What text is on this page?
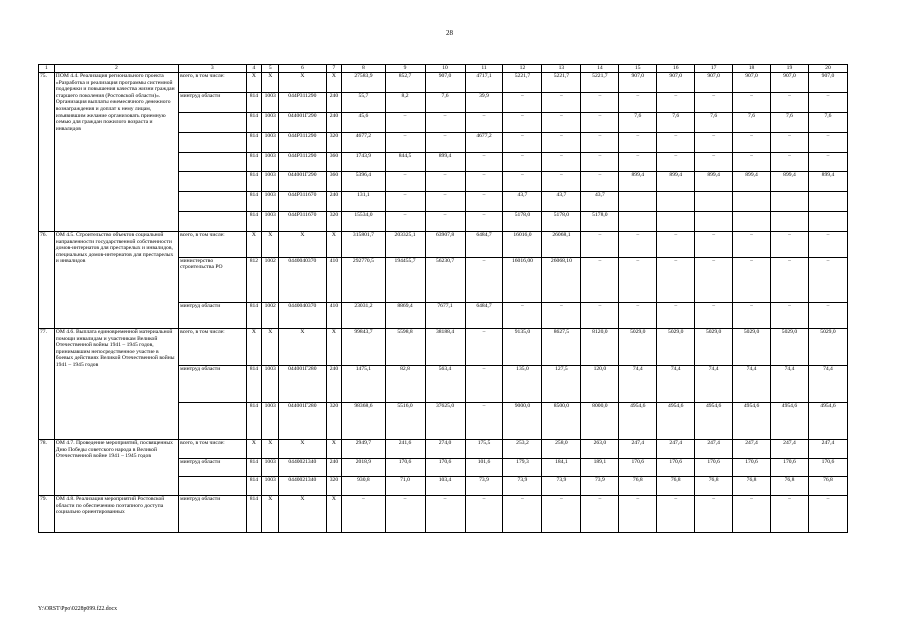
28
1	2	3	4	5	6	7	8	9	10	11	12	13	14	15	16	17	18	19	20
75.	ПОМ 4.4. Реализация регионального проекта «Разработка и реализация программы системной поддержки и повышения качества жизни граждан старшего поколения (Ростовской области)». Организация выплаты ежемесячного денежного вознаграждения и доплат к нему лицам, изъявившим желание организовать приемную семью для граждан пожилого возраста и инвалидов	всего, в том числе:	X	X	X	X	27583,9	852,7	907,0	4717,1	5221,7	5221,7	5221,7	907,0	907,0	907,0	907,0	907,0	907,0
		минтруд области	814	1003	044P311290	240	55,7	8,2	7,6	39,9	–	–	–	–	–	–	–	–	–
			814	1003	044001Г290	240	45,6	–	–	–	–	–	–	7,6	7,6	7,6	7,6	7,6	7,6
			814	1003	044P311290	320	4677,2	–	–	4677,2	–	–	–	–	–	–	–	–	–
			814	1003	044P311290	360	1743,9	844,5	899,4	–	–	–	–	–	–	–	–	–	–
			814	1003	044001Г290	360	5396,4	–	–	–	–	–	–	899,4	899,4	899,4	899,4	899,4	899,4
			814	1003	044P311670	240	131,1	–	–	–	43,7	43,7	43,7						
			814	1003	044P311670	320	15534,0	–	–	–	5178,0	5178,0	5178,0						
76.	ОМ 4.5. Строительство объектов социальной направленности государственной собственности домов-интернатов для престарелых и инвалидов, специальных домов-интернатов для престарелых и инвалидов	всего, в том числе:	X	X	X	X	315801,7	203325,1	63907,8	6484,7	16016,0	26068,1	–	–	–	–	–	–	–
		министерство строительства РО	812	1002	0440040370	410	292770,5	194455,7	56230,7	–	16016,00	26068,10	–	–	–	–	–	–	–
		минтруд области	814	1002	0440040370	410	23031,2	8869,4	7677,1	6484,7	–	–	–	–	–	–	–	–	–
77.	ОМ 4.6. Выплата единовременной материальной помощи инвалидам и участникам Великой Отечественной войны 1941 – 1945 годов, принимавшим непосредственное участие в боевых действиях Великой Отечественной войны 1941 – 1945 годов	всего, в том числе:	X	X	X	X	99843,7	5598,8	38188,4	–	9135,0	8627,5	8120,0	5029,0	5029,0	5029,0	5029,0	5029,0	5029,0
		минтруд области	814	1003	044001Г280	240	1475,1	82,8	563,4	–	135,0	127,5	120,0	74,4	74,4	74,4	74,4	74,4	74,4
			814	1003	044001Г280	320	98368,6	5516,0	37625,0	–	9000,0	8500,0	8000,0	4954,6	4954,6	4954,6	4954,6	4954,6	4954,6
78.	ОМ 4.7. Проведение мероприятий, посвященных Дню Победы советского народа в Великой Отечественной войне 1941 – 1945 годов	всего, в том числе:	X	X	X	X	2949,7	241,6	274,0	175,5	253,2	258,0	263,0	247,4	247,4	247,4	247,4	247,4	247,4
		минтруд области	814	1003	0440021340	240	2018,9	170,6	170,6	101,6	179,3	184,1	189,1	170,6	170,6	170,6	170,6	170,6	170,6
			814	1003	0440021340	320	930,8	71,0	103,4	73,9	73,9	73,9	73,9	76,8	76,8	76,8	76,8	76,8	76,8
79.	ОМ 4.8. Реализация мероприятий Ростовской области по обеспечению поэтапного доступа социально ориентированных	минтруд области	814	X	X	X	–	–	–	–	–	–	–	–	–	–	–	–	–
Y:\ORST\Ppo\0228p099.f22.docx
